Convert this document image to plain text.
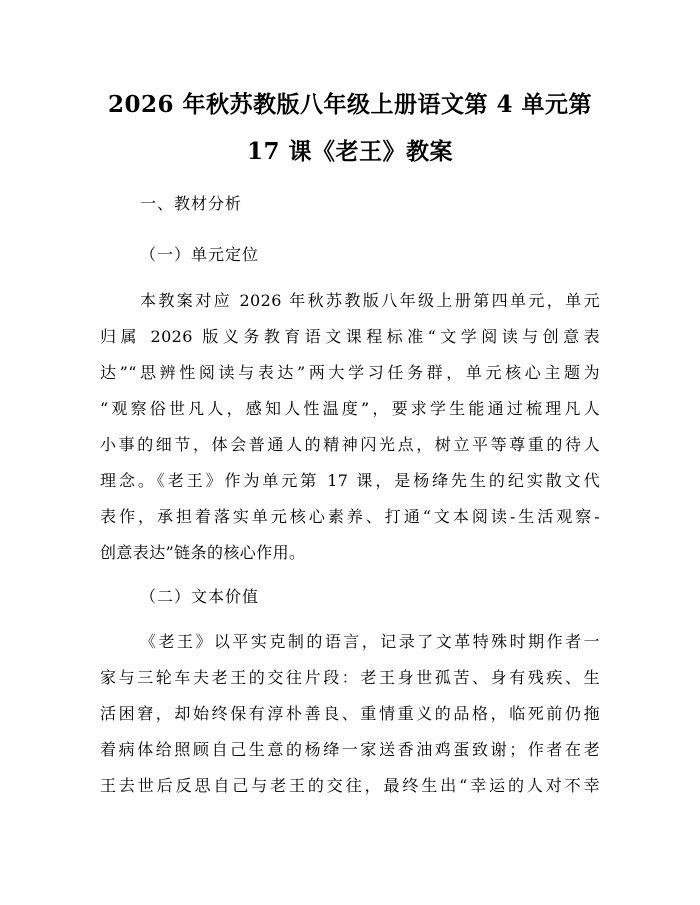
2026 年秋苏教版八年级上册语文第 4 单元第
17 课《老王》教案
一、教材分析
（一）单元定位
本教案对应 2026 年秋苏教版八年级上册第四单元，单元
归属 2026 版义务教育语文课程标准“文学阅读与创意表
达”“思辨性阅读与表达”两大学习任务群，单元核心主题为
“观察俗世凡人，感知人性温度”，要求学生能通过梳理凡人
小事的细节，体会普通人的精神闪光点，树立平等尊重的待人
理念。《老王》作为单元第 17 课，是杨绛先生的纪实散文代
表作，承担着落实单元核心素养、打通“文本阅读-生活观察-
创意表达”链条的核心作用。
（二）文本价值
《老王》以平实克制的语言，记录了文革特殊时期作者一
家与三轮车夫老王的交往片段：老王身世孤苦、身有残疾、生
活困窘，却始终保有淳朴善良、重情重义的品格，临死前仍拖
着病体给照顾自己生意的杨绛一家送香油鸡蛋致谢；作者在老
王去世后反思自己与老王的交往，最终生出“幸运的人对不幸
